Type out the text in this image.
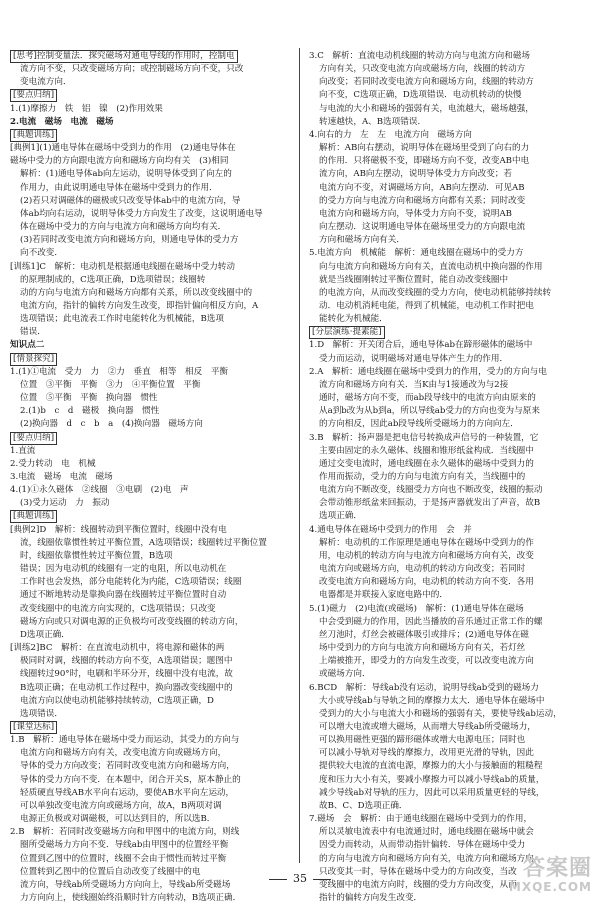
[思考]控制变量法．探究磁场对通电导线的作用时，控制电
流方向不变，只改变磁场方向；或控制磁场方向不变，只改
变电流方向．
[要点归纳]
1.(1)摩擦力　铁　铝　镍　(2)作用效果
2.电流　磁场　电流　磁场
[典题训练]
[典例1](1)通电导体在磁场中受到力的作用　(2)通电导体在
磁场中受力的方向跟电流方向和磁场方向均有关　(3)相同
解析：(1)通电导体ab向左运动，说明导体受到了向左的
作用力，由此说明通电导体在磁场中受到力的作用．
(2)若只对调磁体的磁极或只改变导体ab中的电流方向，导
体ab均向右运动，说明导体受力方向发生了改变，这说明通电导
体在磁场中受力的方向与电流方向和磁场方向均有关．
(3)若同时改变电流方向和磁场方向，则通电导体的受力方
向不改变．
[训练1]C　解析：电动机是根据通电线圈在磁场中受力转动
的原理制成的，C选项正确，D选项错误；线圈转
动的方向与电流方向和磁场方向都有关系，所以改变线圈中的
电流方向，指针的偏转方向发生改变，即指针偏向相反方向，A
选项错误；此电流表工作时电能转化为机械能，B选项
错误．
知识点二
[情景探究]
1.(1)①电流　受力　力　②力　垂直　相等　相反　平衡
位置　③平衡　平衡　③力　④平衡位置　平衡
位置　⑤平衡　平衡　换向器　惯性
2.(1)b　c　d　磁极　换向器　惯性
(2)换向器　d　c　b　a　(4)换向器　磁场方向
[要点归纳]
1.直流
2.受力转动　电　机械
3.电流　磁场　电流　磁场
4.(1)①永久磁体　②线圈　③电刷　(2)电　声
(3)受力运动　力　振动
[典题训练]
[典例2]D　解析：线圈转动到平衡位置时，线圈中没有电
流，线圈依靠惯性转过平衡位置，A选项错误；线圈转过平衡位置
时，线圈依靠惯性转过平衡位置，B选项
错误；因为电动机的线圈有一定的电阻，所以电动机在
工作时也会发热，部分电能转化为内能，C选项错误；线圈
通过不断地转动是靠换向器在线圈转过平衡位置时自动
改变线圈中的电流方向实现的，C选项错误；只改变
磁场方向或只对调电源的正负极均可改变线圈的转动方向，
D选项正确．
[训练2]BC　解析：在直流电动机中，将电源和磁体的两
极同时对调，线圈的转动方向不变，A选项错误；题图中
线圈转过90°时，电刷和半环分开，线圈中没有电流，故
B选项正确；在电动机工作过程中，换向器改变线圈中的
电流方向以使电动机能够持续转动，C选项正确，D
选项错误．
[课堂达标]
1.B　解析：通电导体在磁场中受力而运动，其受力的方向与
电流方向和磁场方向有关，改变电流方向或磁场方向，
导体的受力方向改变；若同时改变电流方向和磁场方向，
导体的受力方向不变．在本题中，闭合开关S，原本静止的
轻质硬直导线AB水平向右运动，要使AB水平向左运动，
可以单独改变电流方向或磁场方向，故A，B两项对调
电源正负极或对调磁极，可以达到目的，所以选B．
2.B　解析：若同时改变磁场方向和甲图中的电流方向，则线
圈所受磁场力方向不变．导线ab由甲图中的位置经平衡
位置到乙图中的位置时，线圈不会由于惯性而转过平衡
位置转到乙图中的位置后自动改变了线圈中的电
流方向，导线ab所受磁场力方向向上，导线ab所受磁场
力方向向上，使线圈始终沿顺时针方向转动，B选项正确．
3.C　解析：直流电动机线圈的转动方向与电流方向和磁场
方向有关，只改变电流方向或磁场方向，线圈的转动方
向改变；若同时改变电流方向和磁场方向，线圈的转动方
向不变，C选项正确，D选项错误．电动机转动的快慢
与电流的大小和磁场的强弱有关，电流越大，磁场越强，
转速越快，A、B选项错误．
4.向右的力　左　左　电流方向　磁场方向
解析：AB向右摆动，说明导体在磁场里受到了向右的力
的作用．只将磁极不变，即磁场方向不变，改变AB中电
流方向，AB向左摆动，说明导体受力方向改变；若
电流方向不变，对调磁场方向，AB向左摆动．可见AB
的受力方向与电流方向和磁场方向都有关系；同时改变
电流方向和磁场方向，导体受力方向不变，说明AB
向左摆动．这说明通电导体在磁场里受力的方向跟电流
方向和磁场方向有关．
5.电流方向　机械能　解析：通电线圈在磁场中的受力方
向与电流方向和磁场方向有关，直流电动机中换向器的作用
就是当线圈刚转过平衡位置时，能自动改变线圈中
的电流方向，从而改变线圈的受力方向，使电动机能够持续转
动．电动机消耗电能，得到了机械能，电动机工作时把电
能转化为机械能．
[分层演练·提素能]
1.D　解析：开关闭合后，通电导体ab在蹄形磁体的磁场中
受力而运动，说明磁场对通电导体产生力的作用．
2.A　解析：通电线圈在磁场中受到力的作用，受力的方向与电
流方向和磁场方向有关．当K由与1接通改为与2接
通时，磁场方向不变，而ab段导线中的电流方向由原来的
从a到b改为从b到a，所以导线ab受力的方向也变为与原来
的方向相反，因此ab段导线所受磁场力的方向向左．
3.B　解析：扬声器是把电信号转换成声信号的一种装置，它
主要由固定的永久磁体、线圈和锥形纸盆构成．当线圈中
通过交变电流时，通电线圈在永久磁体的磁场中受到力的
作用而振动，受力的方向与电流方向有关，当线圈中的
电流方向不断改变，线圈受力方向也不断改变，线圈的振动
会带动锥形纸盆来回振动，于是扬声器就发出了声音，故B
选项正确．
4.通电导体在磁场中受到力的作用　会　并
解析：电动机的工作原理是通电导体在磁场中受到力的作
用，电动机的转动方向与电流方向和磁场方向有关，改变
电流方向或磁场方向，电动机的转动方向改变；若同时
改变电流方向和磁场方向，电动机的转动方向不变．各用
电器都是并联接入家庭电路中的．
5.(1)磁力　(2)电流(或磁场)　解析：(1)通电导体在磁场
中会受到磁力的作用，因此当播放的音乐通过正常工作的螺
丝刀池时，灯丝会被磁体吸引或排斥；(2)通电导体在磁
场中受到力的方向与电流方向和磁场方向有关，若灯丝
上端被推开，即受力的方向发生改变，可以改变电流方向
或磁场方向．
6.BCD　解析：导线ab没有运动，说明导线ab受到的磁场力
大小或导线ab与导轨之间的摩擦力太大．通电导体在磁场中
受到力的大小与电流大小和磁场的强弱有关，要使导线ab运动，
可以增大电流或增大磁场，从而增大导线ab所受磁场力，
可以换用磁性更强的蹄形磁体或增大电源电压；同时也
可以减小导轨对导线的摩擦力，改用更光滑的导轨，因此
提供较大电流的直流电源，摩擦力的大小与接触面的粗糙程
度和压力大小有关，要减小摩擦力可以减小导线ab的质量，
减少导线ab对导轨的压力，因此可以采用质量更轻的导线，
故B、C、D选项正确．
7.磁场　会　解析：由于通电线圈在磁场中受到力的作用，
所以灵敏电流表中有电流通过时，通电线圈在磁场中就会
因受力而转动，从而带动指针偏转．导体在磁场中受力
的方向与电流方向和磁场方向有关，电流方向和磁场方向
只改变其一时，导体在磁场中受力的方向改变，当改
变线圈中的电流方向时，线圈的受力方向改变，从而
指针的偏转方向发生改变．
35	答案圈
MXQE.COM
